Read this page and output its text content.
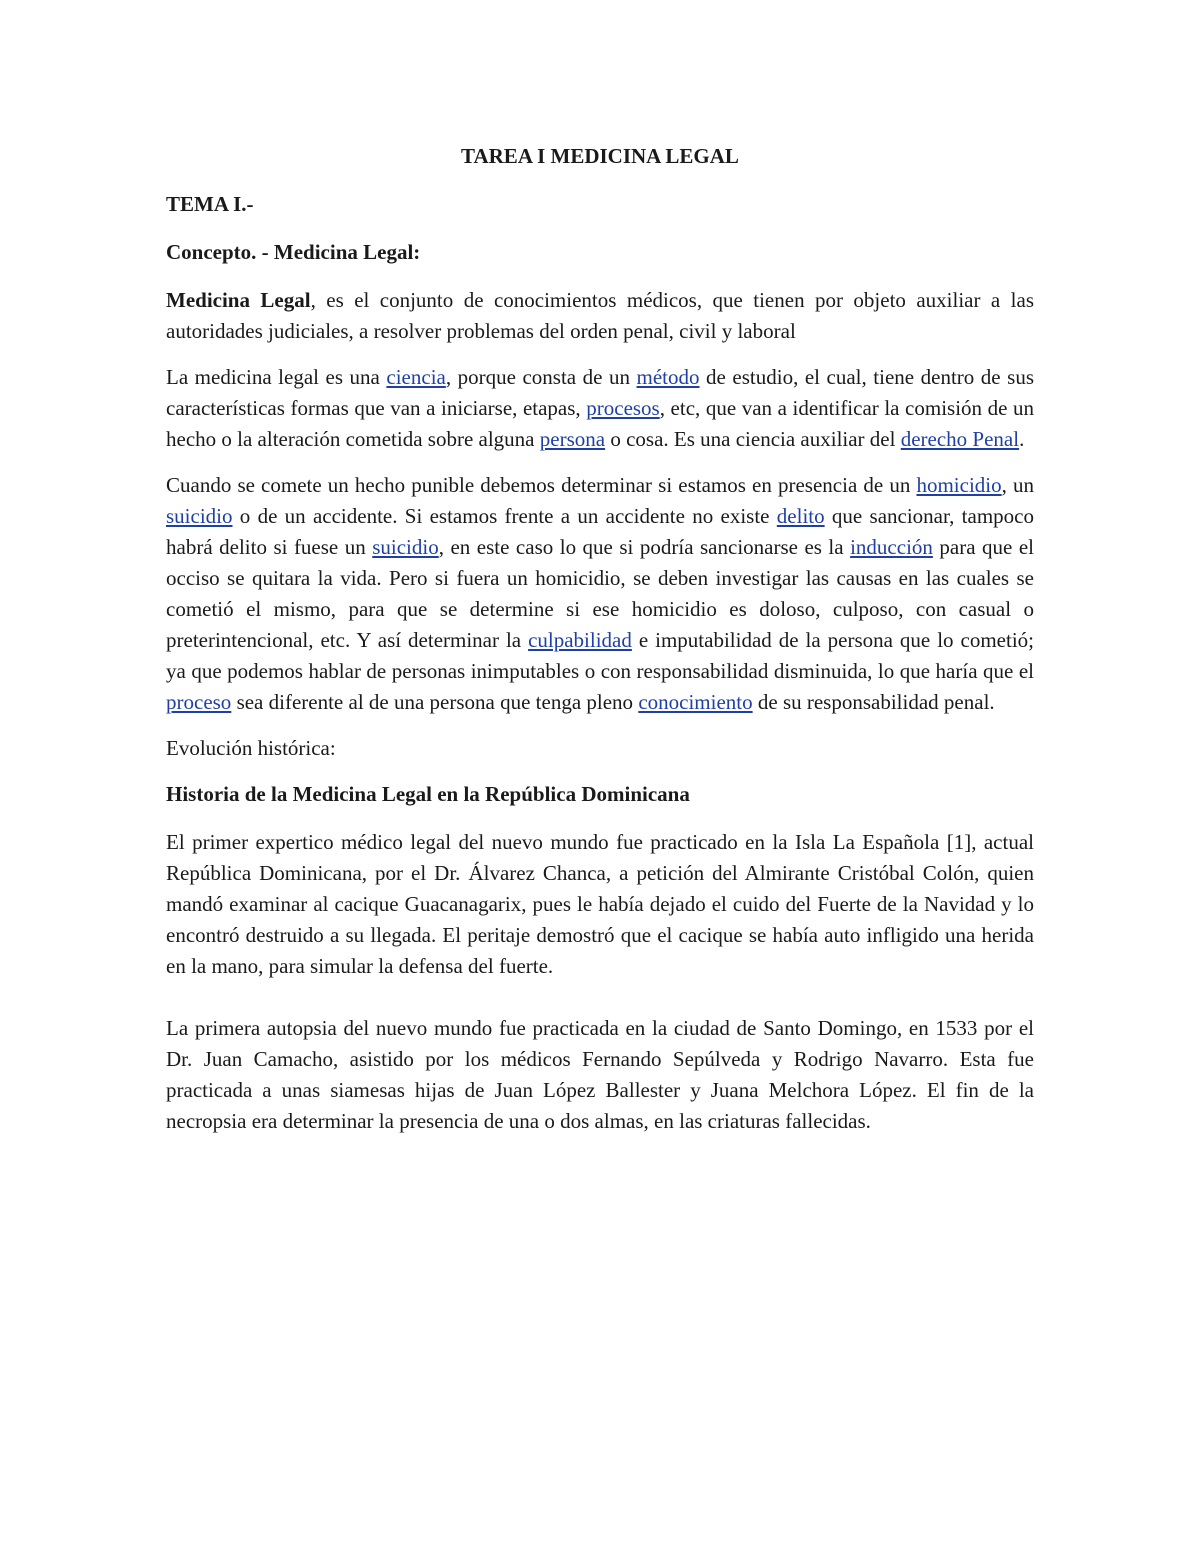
TAREA I MEDICINA LEGAL
TEMA I.-
Concepto. - Medicina Legal:

Medicina Legal, es el conjunto de conocimientos médicos, que tienen por objeto auxiliar a las autoridades judiciales, a resolver problemas del orden penal, civil y laboral

La medicina legal es una ciencia, porque consta de un método de estudio, el cual, tiene dentro de sus características formas que van a iniciarse, etapas, procesos, etc, que van a identificar la comisión de un hecho o la alteración cometida sobre alguna persona o cosa. Es una ciencia auxiliar del derecho Penal.

Cuando se comete un hecho punible debemos determinar si estamos en presencia de un homicidio, un suicidio o de un accidente. Si estamos frente a un accidente no existe delito que sancionar, tampoco habrá delito si fuese un suicidio, en este caso lo que si podría sancionarse es la inducción para que el occiso se quitara la vida. Pero si fuera un homicidio, se deben investigar las causas en las cuales se cometió el mismo, para que se determine si ese homicidio es doloso, culposo, con casual o preterintencional, etc. Y así determinar la culpabilidad e imputabilidad de la persona que lo cometió; ya que podemos hablar de personas inimputables o con responsabilidad disminuida, lo que haría que el proceso sea diferente al de una persona que tenga pleno conocimiento de su responsabilidad penal.

Evolución histórica:

Historia de la Medicina Legal en la República Dominicana

El primer expertico médico legal del nuevo mundo fue practicado en la Isla La Española [1], actual República Dominicana, por el Dr. Álvarez Chanca, a petición del Almirante Cristóbal Colón, quien mandó examinar al cacique Guacanagarix, pues le había dejado el cuido del Fuerte de la Navidad y lo encontró destruido a su llegada. El peritaje demostró que el cacique se había auto infligido una herida en la mano, para simular la defensa del fuerte.

La primera autopsia del nuevo mundo fue practicada en la ciudad de Santo Domingo, en 1533 por el Dr. Juan Camacho, asistido por los médicos Fernando Sepúlveda y Rodrigo Navarro. Esta fue practicada a unas siamesas hijas de Juan López Ballester y Juana Melchora López. El fin de la necropsia era determinar la presencia de una o dos almas, en las criaturas fallecidas.
